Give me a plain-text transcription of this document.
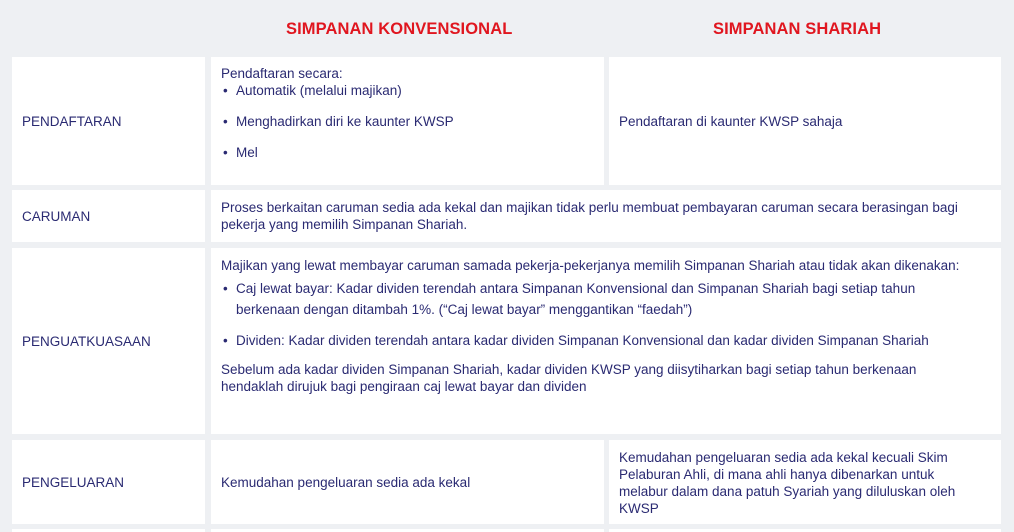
SIMPANAN KONVENSIONAL	SIMPANAN SHARIAH
PENDAFTARAN
Pendaftaran secara:
• Automatik (melalui majikan)
• Menghadirkan diri ke kaunter KWSP
• Mel
Pendaftaran di kaunter KWSP sahaja
CARUMAN
Proses berkaitan caruman sedia ada kekal dan majikan tidak perlu membuat pembayaran caruman secara berasingan bagi pekerja yang memilih Simpanan Shariah.
PENGUATKUASAAN
Majikan yang lewat membayar caruman samada pekerja-pekerjanya memilih Simpanan Shariah atau tidak akan dikenakan:
• Caj lewat bayar: Kadar dividen terendah antara Simpanan Konvensional dan Simpanan Shariah bagi setiap tahun berkenaan dengan ditambah 1%. (“Caj lewat bayar” menggantikan “faedah”)
• Dividen: Kadar dividen terendah antara kadar dividen Simpanan Konvensional dan kadar dividen Simpanan Shariah
Sebelum ada kadar dividen Simpanan Shariah, kadar dividen KWSP yang diisytiharkan bagi setiap tahun berkenaan hendaklah dirujuk bagi pengiraan caj lewat bayar dan dividen
PENGELUARAN	Kemudahan pengeluaran sedia ada kekal
Kemudahan pengeluaran sedia ada kekal kecuali Skim Pelaburan Ahli, di mana ahli hanya dibenarkan untuk melabur dalam dana patuh Syariah yang diluluskan oleh KWSP
